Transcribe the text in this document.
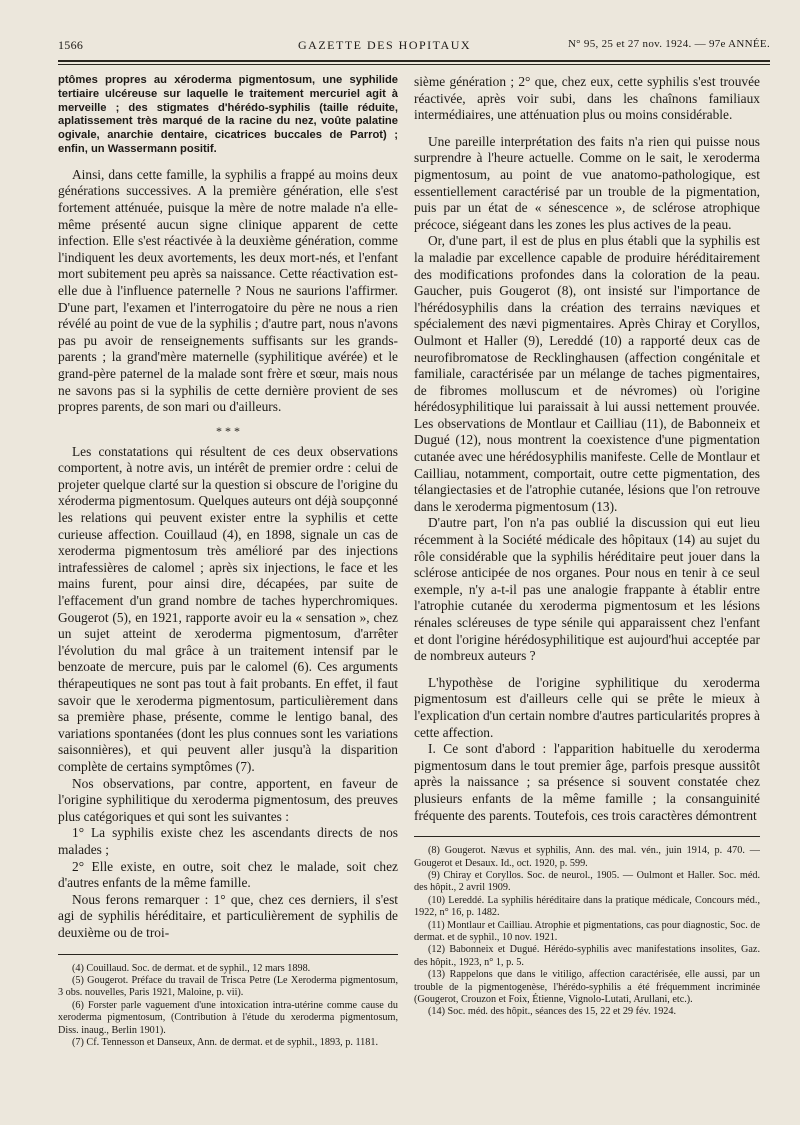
1566	GAZETTE DES HOPITAUX	N° 95, 25 et 27 nov. 1924. — 97e ANNÉE.

ptômes propres au xéroderma pigmentosum, une syphilide tertiaire ulcéreuse sur laquelle le traitement mercuriel agit à merveille ; des stigmates d'hérédo-syphilis (taille réduite, aplatissement très marqué de la racine du nez, voûte palatine ogivale, anarchie dentaire, cicatrices buccales de Parrot) ; enfin, un Wassermann positif.

Ainsi, dans cette famille, la syphilis a frappé au moins deux générations successives. A la première génération, elle s'est fortement atténuée, puisque la mère de notre malade n'a elle-même présenté aucun signe clinique apparent de cette infection. Elle s'est réactivée à la deuxième génération, comme l'indiquent les deux avortements, les deux mort-nés, et l'enfant mort subitement peu après sa naissance. Cette réactivation est-elle due à l'influence paternelle ? Nous ne saurions l'affirmer. D'une part, l'examen et l'interrogatoire du père ne nous a rien révélé au point de vue de la syphilis ; d'autre part, nous n'avons pas pu avoir de renseignements suffisants sur les grands-parents ; la grand'mère maternelle (syphilitique avérée) et le grand-père paternel de la malade sont frère et sœur, mais nous ne savons pas si la syphilis de cette dernière provient de ses propres parents, de son mari ou d'ailleurs.

* * *

Les constatations qui résultent de ces deux observations comportent, à notre avis, un intérêt de premier ordre : celui de projeter quelque clarté sur la question si obscure de l'origine du xéroderma pigmentosum. Quelques auteurs ont déjà soupçonné les relations qui peuvent exister entre la syphilis et cette curieuse affection. Couillaud (4), en 1898, signale un cas de xeroderma pigmentosum très amélioré par des injections intrafessières de calomel ; après six injections, le face et les mains furent, pour ainsi dire, décapées, par suite de l'effacement d'un grand nombre de taches hyperchromiques. Gougerot (5), en 1921, rapporte avoir eu la « sensation », chez un sujet atteint de xeroderma pigmentosum, d'arrêter l'évolution du mal grâce à un traitement intensif par le benzoate de mercure, puis par le calomel (6). Ces arguments thérapeutiques ne sont pas tout à fait probants. En effet, il faut savoir que le xeroderma pigmentosum, particulièrement dans sa première phase, présente, comme le lentigo banal, des variations spontanées (dont les plus connues sont les variations saisonnières), et qui peuvent aller jusqu'à la disparition complète de certains symptômes (7).

Nos observations, par contre, apportent, en faveur de l'origine syphilitique du xeroderma pigmentosum, des preuves plus catégoriques et qui sont les suivantes :

1° La syphilis existe chez les ascendants directs de nos malades ;

2° Elle existe, en outre, soit chez le malade, soit chez d'autres enfants de la même famille.

Nous ferons remarquer : 1° que, chez ces derniers, il s'est agi de syphilis héréditaire, et particulièrement de syphilis de deuxième ou de troi-

(4) Couillaud. Soc. de dermat. et de syphil., 12 mars 1898.

(5) Gougerot. Préface du travail de Trisca Petre (Le Xeroderma pigmentosum, 3 obs. nouvelles, Paris 1921, Maloine, p. vii).

(6) Forster parle vaguement d'une intoxication intra-utérine comme cause du xeroderma pigmentosum, (Contribution à l'étude du xeroderma pigmentosum, Diss. inaug., Berlin 1901).

(7) Cf. Tennesson et Danseux, Ann. de dermat. et de syphil., 1893, p. 1181.

sième génération ; 2° que, chez eux, cette syphilis s'est trouvée réactivée, après voir subi, dans les chaînons familiaux intermédiaires, une atténuation plus ou moins considérable.

Une pareille interprétation des faits n'a rien qui puisse nous surprendre à l'heure actuelle. Comme on le sait, le xeroderma pigmentosum, au point de vue anatomo-pathologique, est essentiellement caractérisé par un trouble de la pigmentation, puis par un état de « sénescence », de sclérose atrophique précoce, siégeant dans les zones les plus actives de la peau.

Or, d'une part, il est de plus en plus établi que la syphilis est la maladie par excellence capable de produire héréditairement des modifications profondes dans la coloration de la peau. Gaucher, puis Gougerot (8), ont insisté sur l'importance de l'hérédosyphilis dans la création des terrains næviques et spécialement des nævi pigmentaires. Après Chiray et Coryllos, Oulmont et Haller (9), Lereddé (10) a rapporté deux cas de neurofibromatose de Recklinghausen (affection congénitale et familiale, caractérisée par un mélange de taches pigmentaires, de fibromes molluscum et de névromes) où l'origine hérédosyphilitique lui paraissait à lui aussi nettement prouvée. Les observations de Montlaur et Cailliau (11), de Babonneix et Dugué (12), nous montrent la coexistence d'une pigmentation cutanée avec une hérédosyphilis manifeste. Celle de Montlaur et Cailliau, notamment, comportait, outre cette pigmentation, des télangiectasies et de l'atrophie cutanée, lésions que l'on retrouve dans le xeroderma pigmentosum (13).

D'autre part, l'on n'a pas oublié la discussion qui eut lieu récemment à la Société médicale des hôpitaux (14) au sujet du rôle considérable que la syphilis héréditaire peut jouer dans la sclérose anticipée de nos organes. Pour nous en tenir à ce seul exemple, n'y a-t-il pas une analogie frappante à établir entre l'atrophie cutanée du xeroderma pigmentosum et les lésions rénales scléreuses de type sénile qui apparaissent chez l'enfant et dont l'origine hérédosyphilitique est aujourd'hui acceptée par de nombreux auteurs ?

L'hypothèse de l'origine syphilitique du xeroderma pigmentosum est d'ailleurs celle qui se prête le mieux à l'explication d'un certain nombre d'autres particularités propres à cette affection.

I. Ce sont d'abord : l'apparition habituelle du xeroderma pigmentosum dans le tout premier âge, parfois presque aussitôt après la naissance ; sa présence si souvent constatée chez plusieurs enfants de la même famille ; la consanguinité fréquente des parents. Toutefois, ces trois caractères démontrent

(8) Gougerot. Nævus et syphilis, Ann. des mal. vén., juin 1914, p. 470. — Gougerot et Desaux. Id., oct. 1920, p. 599.

(9) Chiray et Coryllos. Soc. de neurol., 1905. — Oulmont et Haller. Soc. méd. des hôpit., 2 avril 1909.

(10) Lereddé. La syphilis héréditaire dans la pratique médicale, Concours méd., 1922, n° 16, p. 1482.

(11) Montlaur et Cailliau. Atrophie et pigmentations, cas pour diagnostic, Soc. de dermat. et de syphil., 10 nov. 1921.

(12) Babonneix et Dugué. Hérédo-syphilis avec manifestations insolites, Gaz. des hôpit., 1923, n° 1, p. 5.

(13) Rappelons que dans le vitiligo, affection caractérisée, elle aussi, par un trouble de la pigmentogenèse, l'hérédo-syphilis a été fréquemment incriminée (Gougerot, Crouzon et Foix, Étienne, Vignolo-Lutati, Arullani, etc.).

(14) Soc. méd. des hôpit., séances des 15, 22 et 29 fév. 1924.
